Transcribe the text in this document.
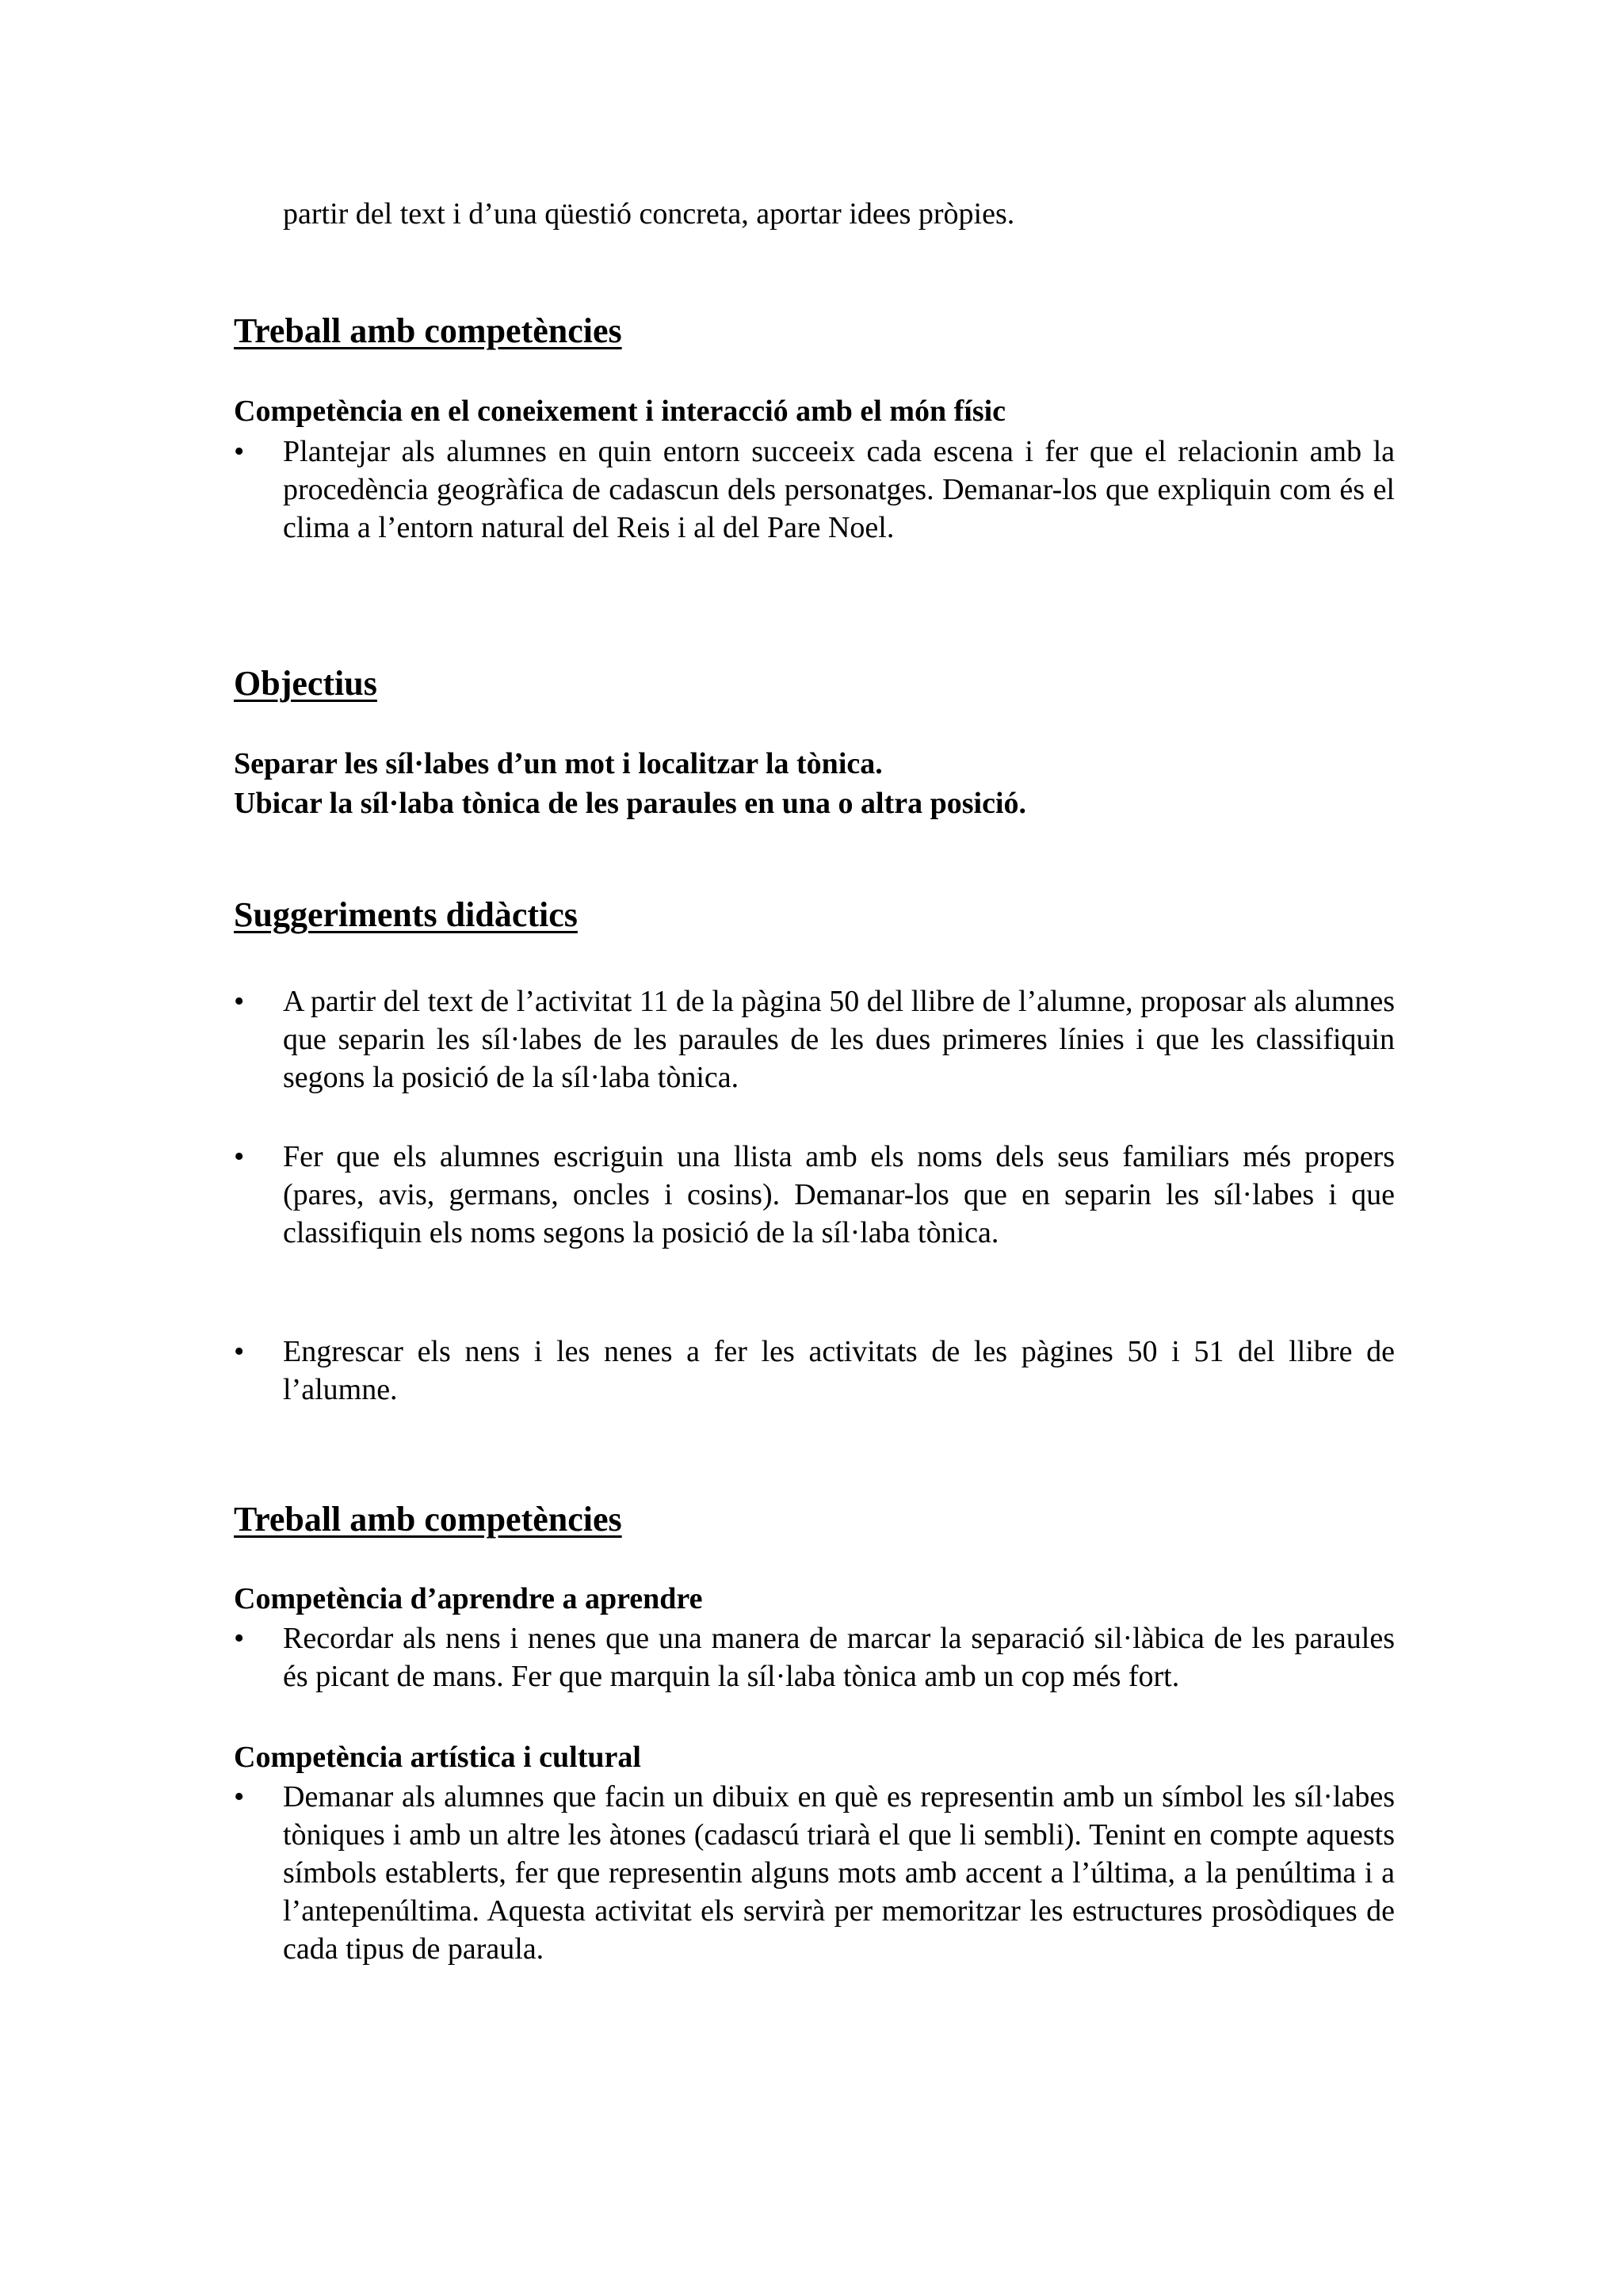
partir del text i d’una qüestió concreta, aportar idees pròpies.

Treball amb competències

Competència en el coneixement i interacció amb el món físic

•	Plantejar als alumnes en quin entorn succeeix cada escena i fer que el relacionin amb la procedència geogràfica de cadascun dels personatges. Demanar-los que expliquin com és el clima a l’entorn natural del Reis i al del Pare Noel.

Objectius

Separar les síl·labes d’un mot i localitzar la tònica.

Ubicar la síl·laba tònica de les paraules en una o altra posició.

Suggeriments didàctics

•	A partir del text de l’activitat 11 de la pàgina 50 del llibre de l’alumne, proposar als alumnes que separin les síl·labes de les paraules de les dues primeres línies i que les classifiquin segons la posició de la síl·laba tònica.

•	Fer que els alumnes escriguin una llista amb els noms dels seus familiars més propers (pares, avis, germans, oncles i cosins). Demanar-los que en separin les síl·labes i que classifiquin els noms segons la posició de la síl·laba tònica.

•	Engrescar els nens i les nenes a fer les activitats de les pàgines 50 i 51 del llibre de l’alumne.

Treball amb competències

Competència d’aprendre a aprendre

•	Recordar als nens i nenes que una manera de marcar la separació sil·làbica de les paraules és picant de mans. Fer que marquin la síl·laba tònica amb un cop més fort.

Competència artística i cultural

•	Demanar als alumnes que facin un dibuix en què es representin amb un símbol les síl·labes tòniques i amb un altre les àtones (cadascú triarà el que li sembli). Tenint en compte aquests símbols establerts, fer que representin alguns mots amb accent a l’última, a la penúltima i a l’antepenúltima. Aquesta activitat els servirà per memoritzar les estructures prosòdiques de cada tipus de paraula.
